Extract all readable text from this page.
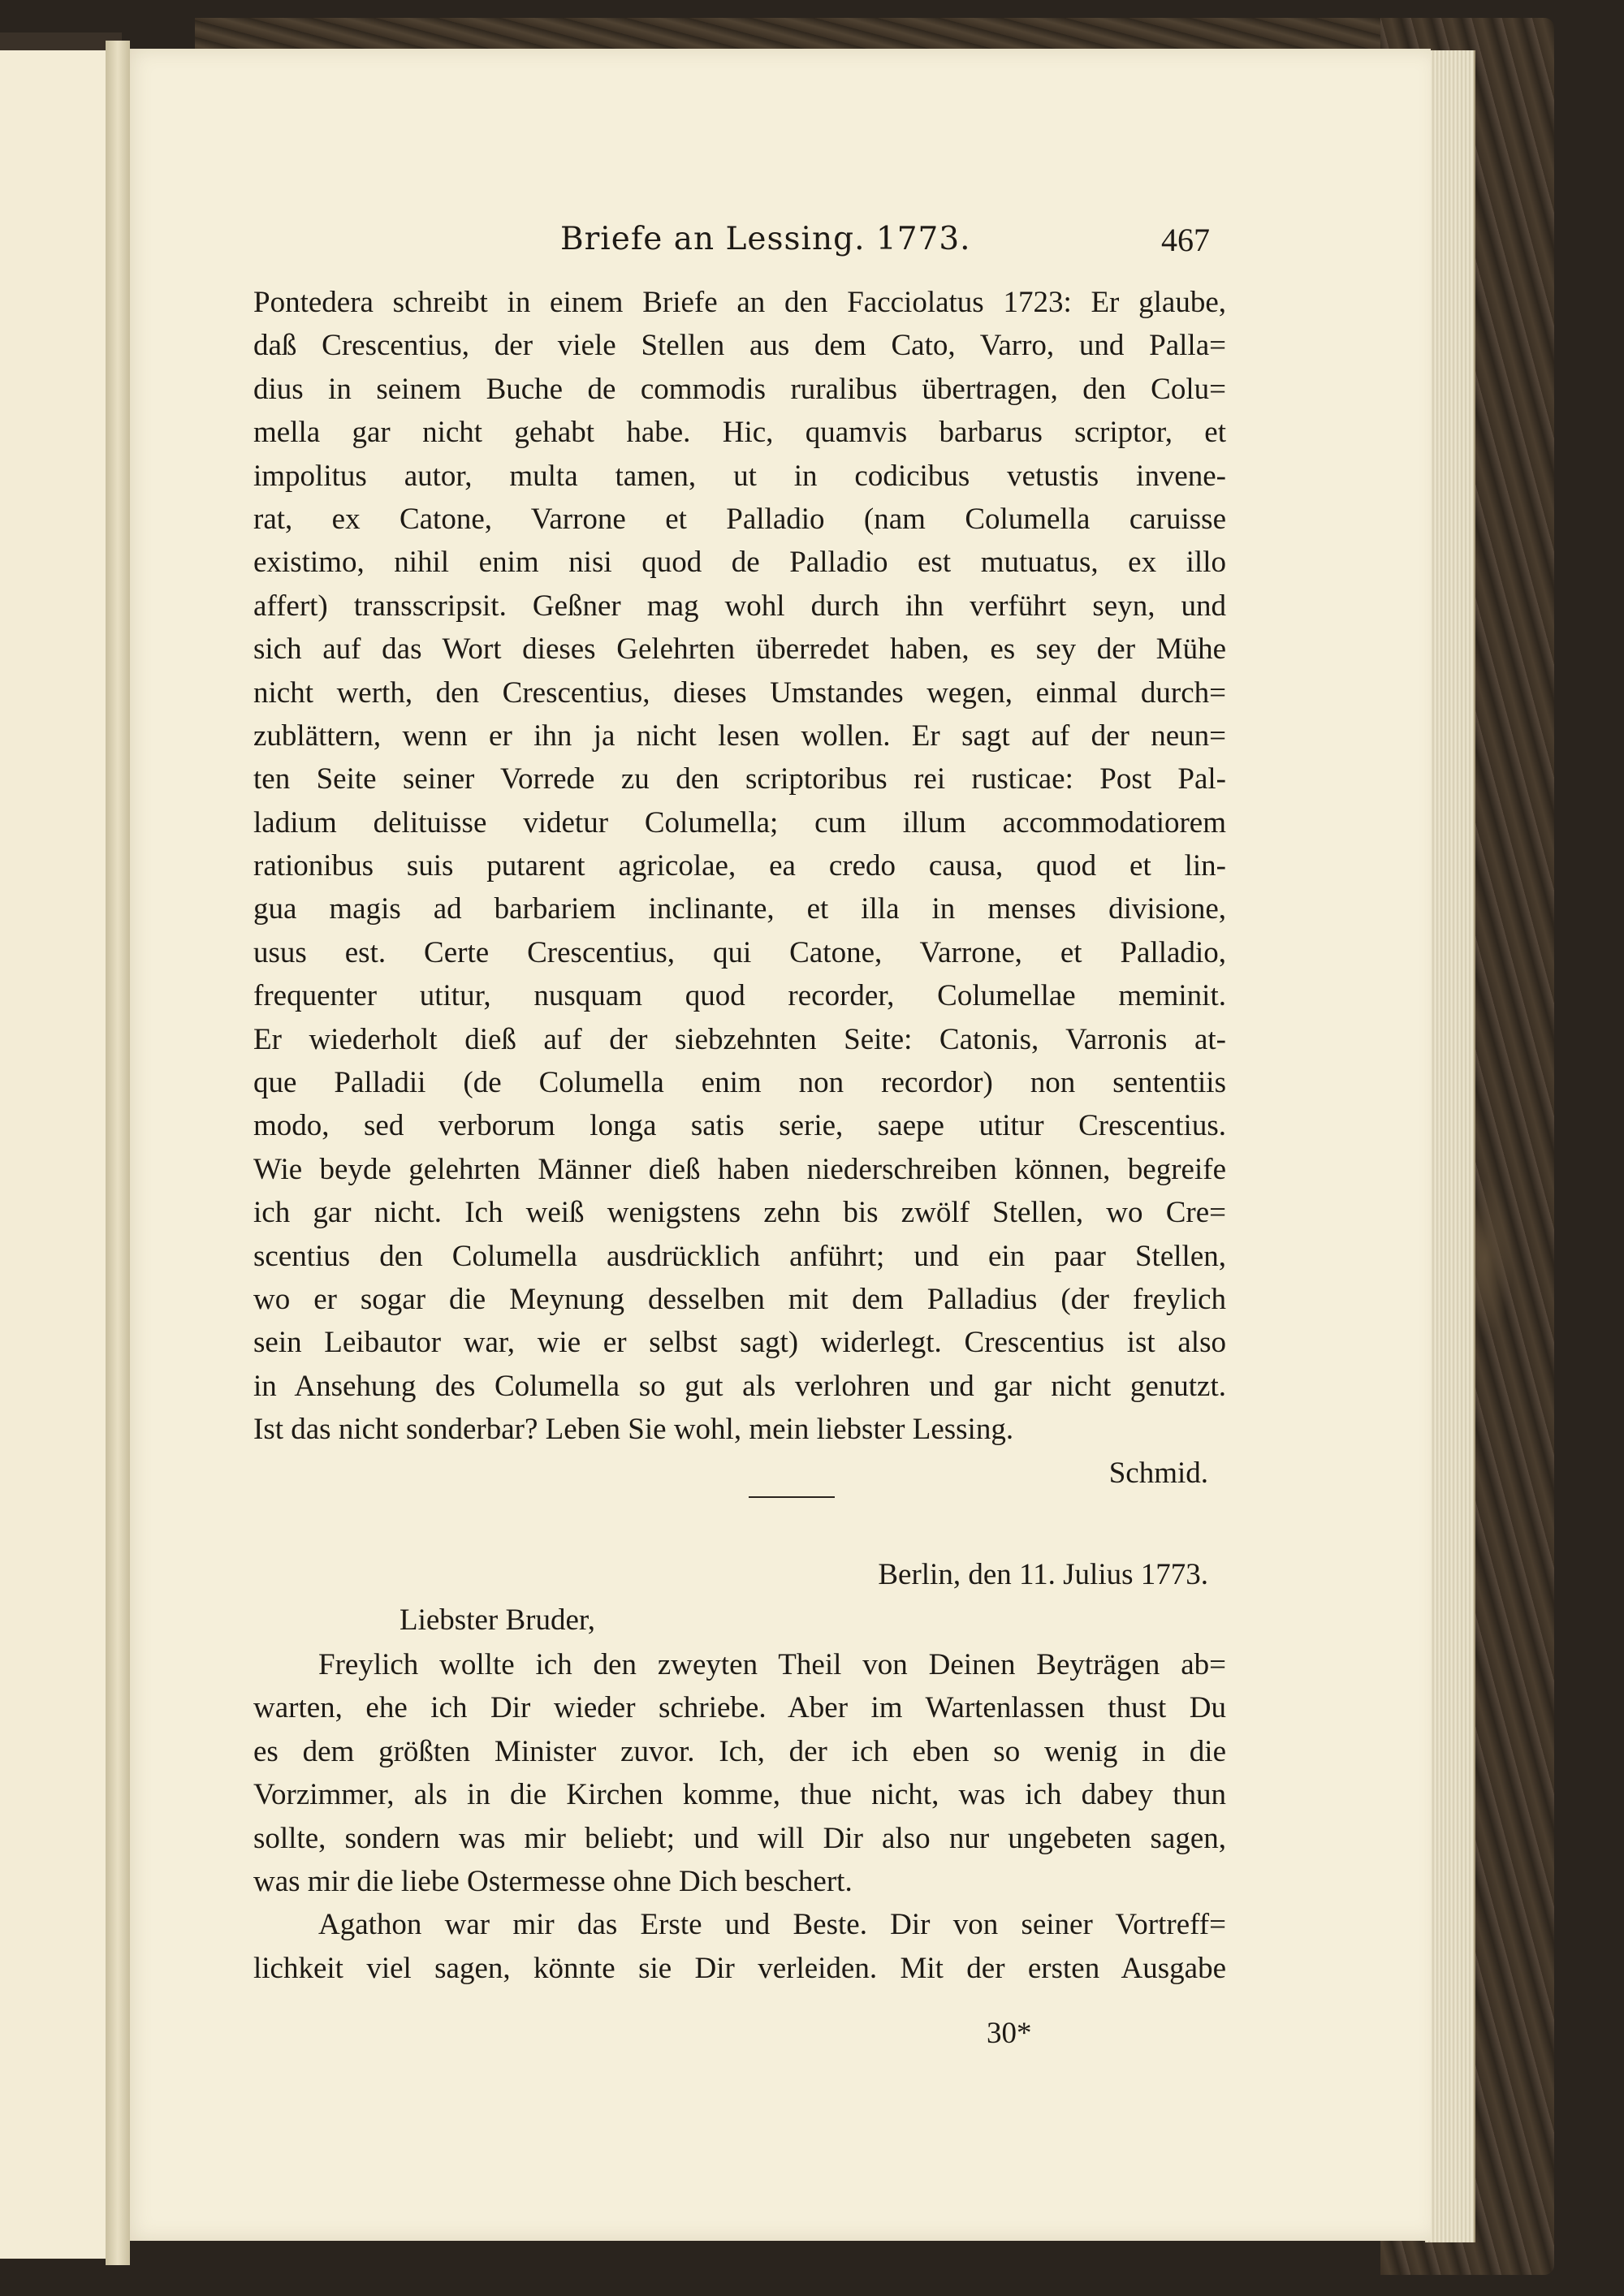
Briefe an Lessing. 1773.	467
Pontedera schreibt in einem Briefe an den Facciolatus 1723: Er glaube,
daß Crescentius, der viele Stellen aus dem Cato, Varro, und Palla=
dius in seinem Buche de commodis ruralibus übertragen, den Colu=
mella gar nicht gehabt habe. Hic, quamvis barbarus scriptor, et
impolitus autor, multa tamen, ut in codicibus vetustis invene-
rat, ex Catone, Varrone et Palladio (nam Columella caruisse
existimo, nihil enim nisi quod de Palladio est mutuatus, ex illo
affert) transscripsit. Geßner mag wohl durch ihn verführt seyn, und
sich auf das Wort dieses Gelehrten überredet haben, es sey der Mühe
nicht werth, den Crescentius, dieses Umstandes wegen, einmal durch=
zublättern, wenn er ihn ja nicht lesen wollen. Er sagt auf der neun=
ten Seite seiner Vorrede zu den scriptoribus rei rusticae: Post Pal-
ladium delituisse videtur Columella; cum illum accommodatiorem
rationibus suis putarent agricolae, ea credo causa, quod et lin-
gua magis ad barbariem inclinante, et illa in menses divisione,
usus est. Certe Crescentius, qui Catone, Varrone, et Palladio,
frequenter utitur, nusquam quod recorder, Columellae meminit.
Er wiederholt dieß auf der siebzehnten Seite: Catonis, Varronis at-
que Palladii (de Columella enim non recordor) non sententiis
modo, sed verborum longa satis serie, saepe utitur Crescentius.
Wie beyde gelehrten Männer dieß haben niederschreiben können, begreife
ich gar nicht. Ich weiß wenigstens zehn bis zwölf Stellen, wo Cre=
scentius den Columella ausdrücklich anführt; und ein paar Stellen,
wo er sogar die Meynung desselben mit dem Palladius (der freylich
sein Leibautor war, wie er selbst sagt) widerlegt. Crescentius ist also
in Ansehung des Columella so gut als verlohren und gar nicht genutzt.
Ist das nicht sonderbar? Leben Sie wohl, mein liebster Lessing.
Schmid.
Berlin, den 11. Julius 1773.
Liebster Bruder,
Freylich wollte ich den zweyten Theil von Deinen Beyträgen ab=
warten, ehe ich Dir wieder schriebe. Aber im Wartenlassen thust Du
es dem größten Minister zuvor. Ich, der ich eben so wenig in die
Vorzimmer, als in die Kirchen komme, thue nicht, was ich dabey thun
sollte, sondern was mir beliebt; und will Dir also nur ungebeten sagen,
was mir die liebe Ostermesse ohne Dich beschert.
Agathon war mir das Erste und Beste. Dir von seiner Vortreff=
lichkeit viel sagen, könnte sie Dir verleiden. Mit der ersten Ausgabe
30*
